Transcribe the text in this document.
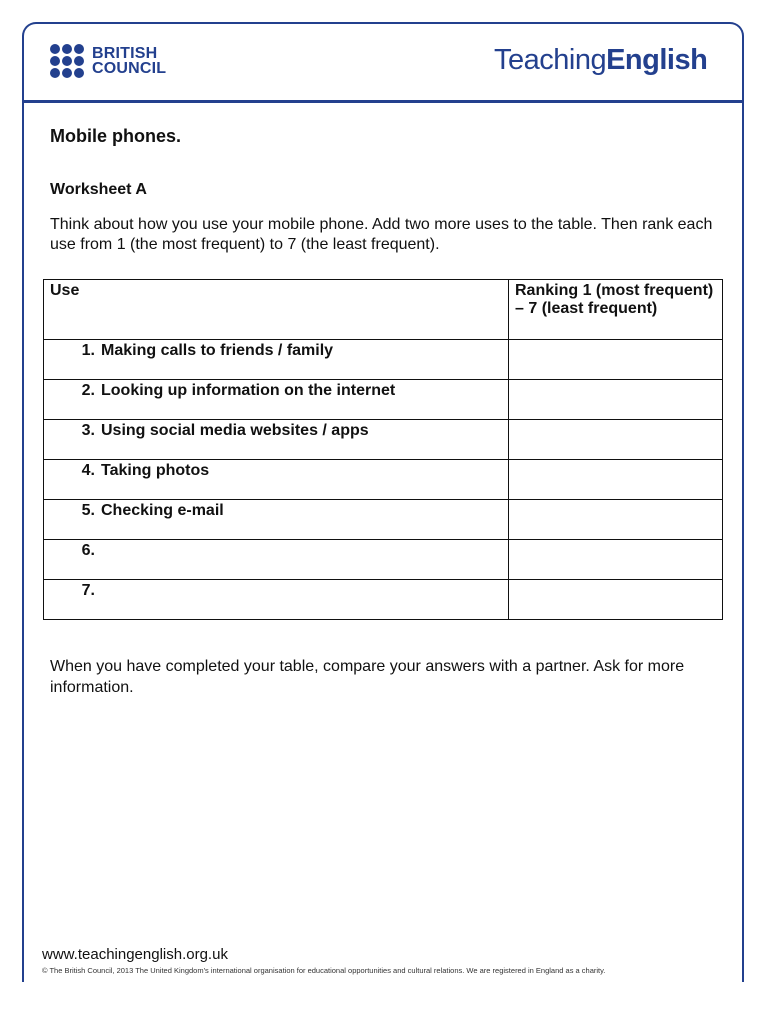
BRITISH
COUNCIL	TeachingEnglish

Mobile phones.

Worksheet A

Think about how you use your mobile phone. Add two more uses to the table. Then rank each use from 1 (the most frequent) to 7 (the least frequent).

Use	Ranking 1 (most frequent) – 7 (least frequent)
1. Making calls to friends / family	
2. Looking up information on the internet	
3. Using social media websites / apps	
4. Taking photos	
5. Checking e-mail	
6.	
7.	

When you have completed your table, compare your answers with a partner. Ask for more information.

www.teachingenglish.org.uk
© The British Council, 2013 The United Kingdom's international organisation for educational opportunities and cultural relations. We are registered in England as a charity.
